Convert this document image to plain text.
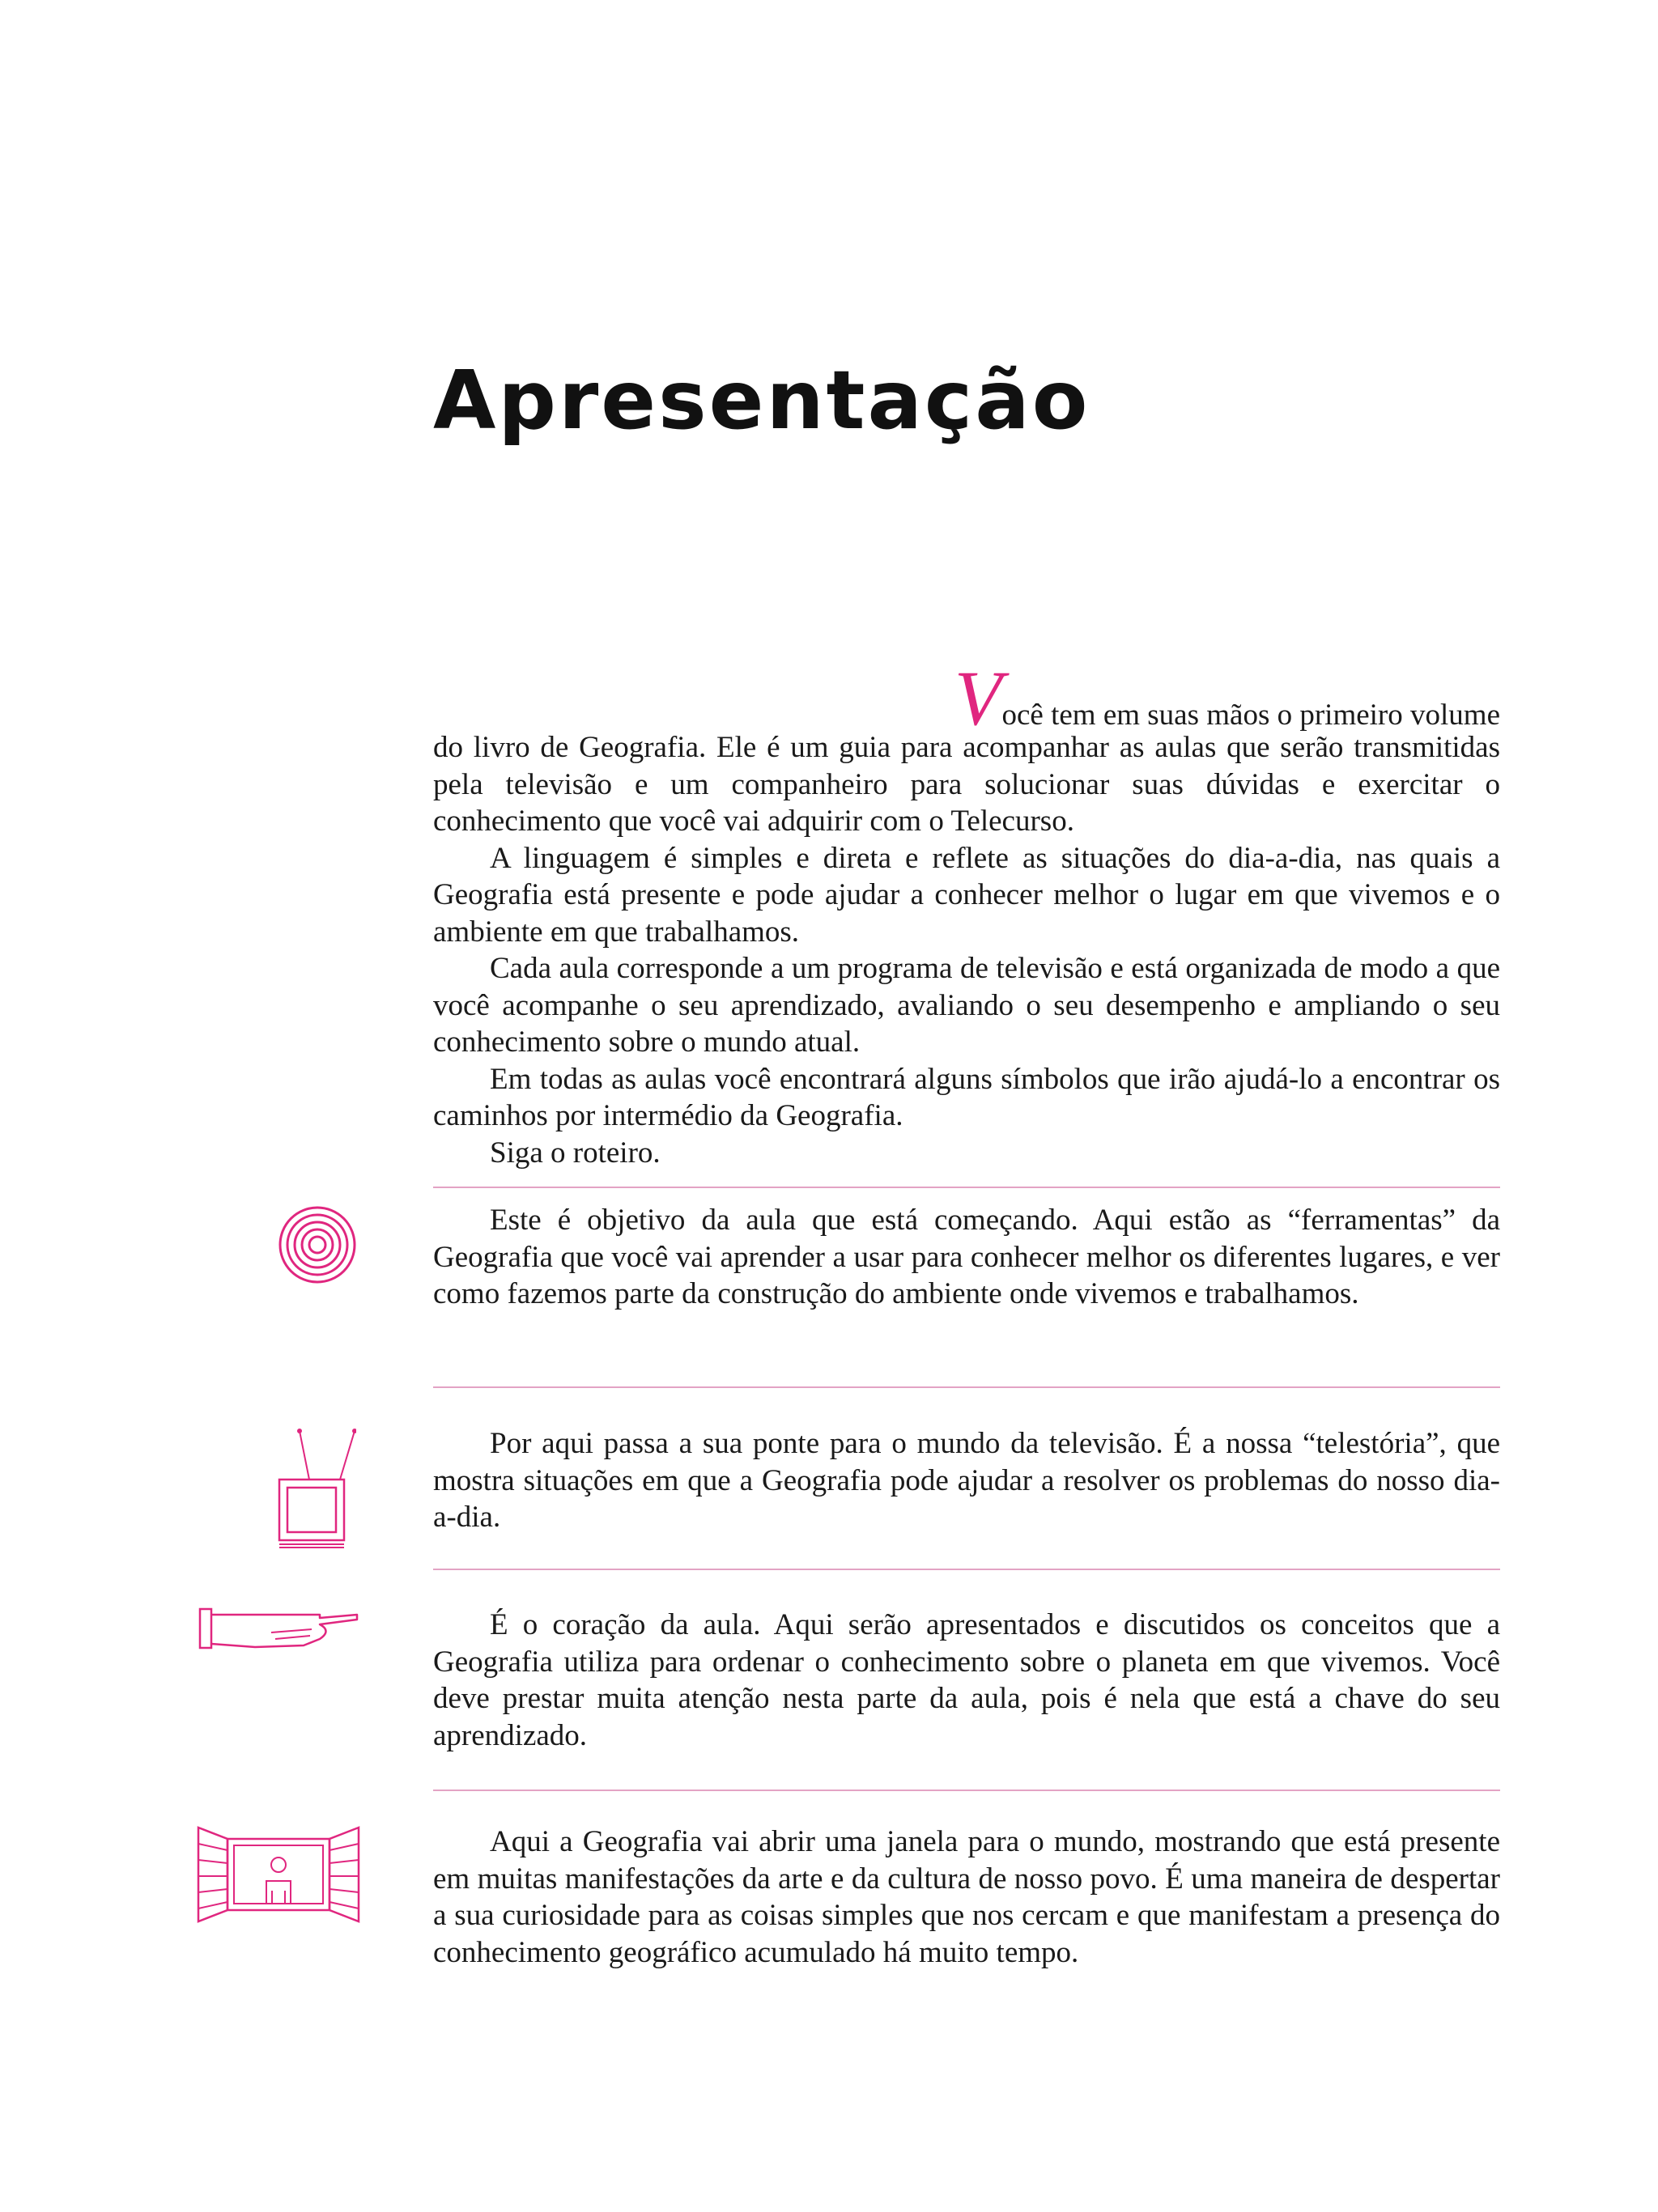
Apresentação
Você tem em suas mãos o primeiro volume

do livro de Geografia. Ele é um guia para acompanhar as aulas que serão transmitidas pela televisão e um companheiro para solucionar suas dúvidas e exercitar o conhecimento que você vai adquirir com o Telecurso.

A linguagem é simples e direta e reflete as situações do dia-a-dia, nas quais a Geografia está presente e pode ajudar a conhecer melhor o lugar em que vivemos e o ambiente em que trabalhamos.

Cada aula corresponde a um programa de televisão e está organizada de modo a que você acompanhe o seu aprendizado, avaliando o seu desempenho e ampliando o seu conhecimento sobre o mundo atual.

Em todas as aulas você encontrará alguns símbolos que irão ajudá-lo a encontrar os caminhos por intermédio da Geografia.

Siga o roteiro.

Este é objetivo da aula que está começando. Aqui estão as “ferramentas” da Geografia que você vai aprender a usar para conhecer melhor os diferentes lugares, e ver como fazemos parte da construção do ambiente onde vivemos e trabalhamos.

Por aqui passa a sua ponte para o mundo da televisão. É a nossa “telestória”, que mostra situações em que a Geografia pode ajudar a resolver os problemas do nosso dia-a-dia.

É o coração da aula. Aqui serão apresentados e discutidos os conceitos que a Geografia utiliza para ordenar o conhecimento sobre o planeta em que vivemos. Você deve prestar muita atenção nesta parte da aula, pois é nela que está a chave do seu aprendizado.

Aqui a Geografia vai abrir uma janela para o mundo, mostrando que está presente em muitas manifestações da arte e da cultura de nosso povo. É uma maneira de despertar a sua curiosidade para as coisas simples que nos cercam e que manifestam a presença do conhecimento geográfico acumulado há muito tempo.
